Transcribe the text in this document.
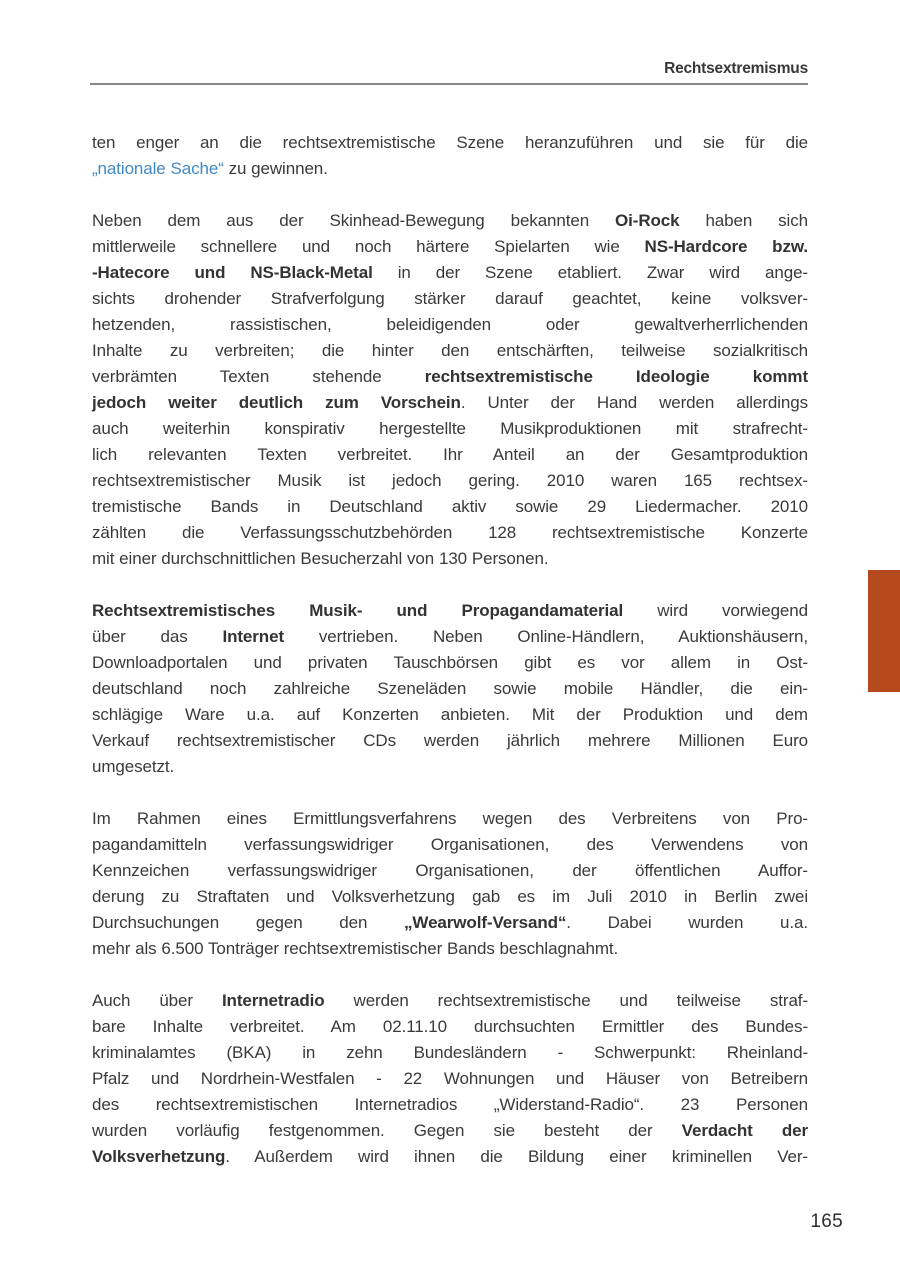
Rechtsextremismus
ten enger an die rechtsextremistische Szene heranzuführen und sie für die
„nationale Sache“ zu gewinnen.
Neben dem aus der Skinhead-Bewegung bekannten Oi-Rock haben sich
mittlerweile schnellere und noch härtere Spielarten wie NS-Hardcore bzw.
-Hatecore und NS-Black-Metal in der Szene etabliert. Zwar wird ange-
sichts drohender Strafverfolgung stärker darauf geachtet, keine volksver-
hetzenden, rassistischen, beleidigenden oder gewaltverherrlichenden
Inhalte zu verbreiten; die hinter den entschärften, teilweise sozialkritisch
verbrämten Texten stehende rechtsextremistische Ideologie kommt
jedoch weiter deutlich zum Vorschein. Unter der Hand werden allerdings
auch weiterhin konspirativ hergestellte Musikproduktionen mit strafrecht-
lich relevanten Texten verbreitet. Ihr Anteil an der Gesamtproduktion
rechtsextremistischer Musik ist jedoch gering. 2010 waren 165 rechtsex-
tremistische Bands in Deutschland aktiv sowie 29 Liedermacher. 2010
zählten die Verfassungsschutzbehörden 128 rechtsextremistische Konzerte
mit einer durchschnittlichen Besucherzahl von 130 Personen.
Rechtsextremistisches Musik- und Propagandamaterial wird vorwiegend
über das Internet vertrieben. Neben Online-Händlern, Auktionshäusern,
Downloadportalen und privaten Tauschbörsen gibt es vor allem in Ost-
deutschland noch zahlreiche Szeneläden sowie mobile Händler, die ein-
schlägige Ware u.a. auf Konzerten anbieten. Mit der Produktion und dem
Verkauf rechtsextremistischer CDs werden jährlich mehrere Millionen Euro
umgesetzt.
Im Rahmen eines Ermittlungsverfahrens wegen des Verbreitens von Pro-
pagandamitteln verfassungswidriger Organisationen, des Verwendens von
Kennzeichen verfassungswidriger Organisationen, der öffentlichen Auffor-
derung zu Straftaten und Volksverhetzung gab es im Juli 2010 in Berlin zwei
Durchsuchungen gegen den „Wearwolf-Versand“. Dabei wurden u.a.
mehr als 6.500 Tonträger rechtsextremistischer Bands beschlagnahmt.
Auch über Internetradio werden rechtsextremistische und teilweise straf-
bare Inhalte verbreitet. Am 02.11.10 durchsuchten Ermittler des Bundes-
kriminalamtes (BKA) in zehn Bundesländern - Schwerpunkt: Rheinland-
Pfalz und Nordrhein-Westfalen - 22 Wohnungen und Häuser von Betreibern
des rechtsextremistischen Internetradios „Widerstand-Radio“. 23 Personen
wurden vorläufig festgenommen. Gegen sie besteht der Verdacht der
Volksverhetzung. Außerdem wird ihnen die Bildung einer kriminellen Ver-
165
